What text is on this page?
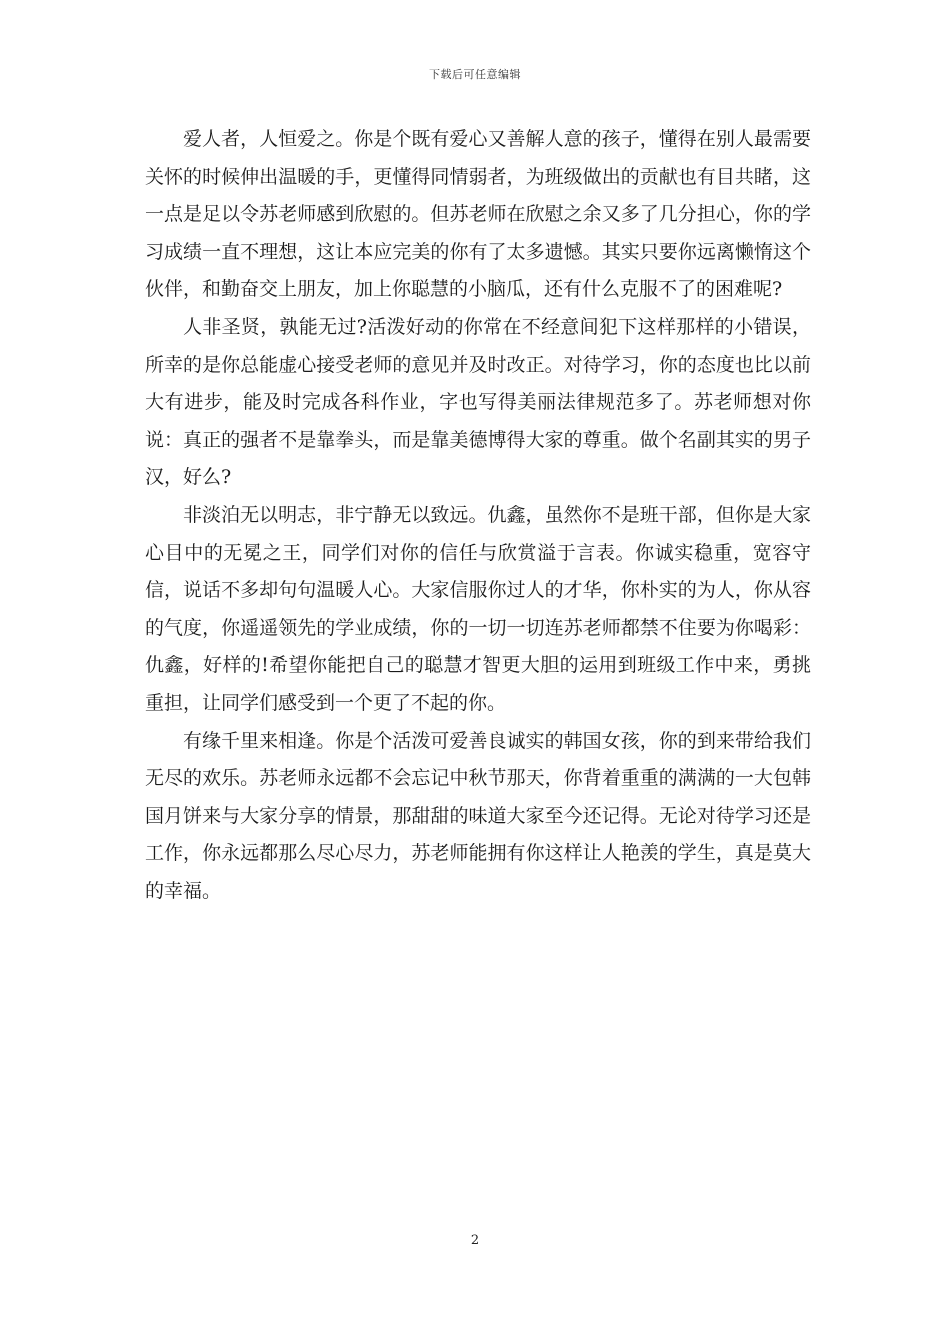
下载后可任意编辑

爱人者，人恒爱之。你是个既有爱心又善解人意的孩子，懂得在别人最需要关怀的时候伸出温暖的手，更懂得同情弱者，为班级做出的贡献也有目共睹，这一点是足以令苏老师感到欣慰的。但苏老师在欣慰之余又多了几分担心，你的学习成绩一直不理想，这让本应完美的你有了太多遗憾。其实只要你远离懒惰这个伙伴，和勤奋交上朋友，加上你聪慧的小脑瓜，还有什么克服不了的困难呢?

人非圣贤，孰能无过?活泼好动的你常在不经意间犯下这样那样的小错误，所幸的是你总能虚心接受老师的意见并及时改正。对待学习，你的态度也比以前大有进步，能及时完成各科作业，字也写得美丽法律规范多了。苏老师想对你说：真正的强者不是靠拳头，而是靠美德博得大家的尊重。做个名副其实的男子汉，好么?

非淡泊无以明志，非宁静无以致远。仇鑫，虽然你不是班干部，但你是大家心目中的无冕之王，同学们对你的信任与欣赏溢于言表。你诚实稳重，宽容守信，说话不多却句句温暖人心。大家信服你过人的才华，你朴实的为人，你从容的气度，你遥遥领先的学业成绩，你的一切一切连苏老师都禁不住要为你喝彩：仇鑫，好样的!希望你能把自己的聪慧才智更大胆的运用到班级工作中来，勇挑重担，让同学们感受到一个更了不起的你。

有缘千里来相逢。你是个活泼可爱善良诚实的韩国女孩，你的到来带给我们无尽的欢乐。苏老师永远都不会忘记中秋节那天，你背着重重的满满的一大包韩国月饼来与大家分享的情景，那甜甜的味道大家至今还记得。无论对待学习还是工作，你永远都那么尽心尽力，苏老师能拥有你这样让人艳羡的学生，真是莫大的幸福。

2
